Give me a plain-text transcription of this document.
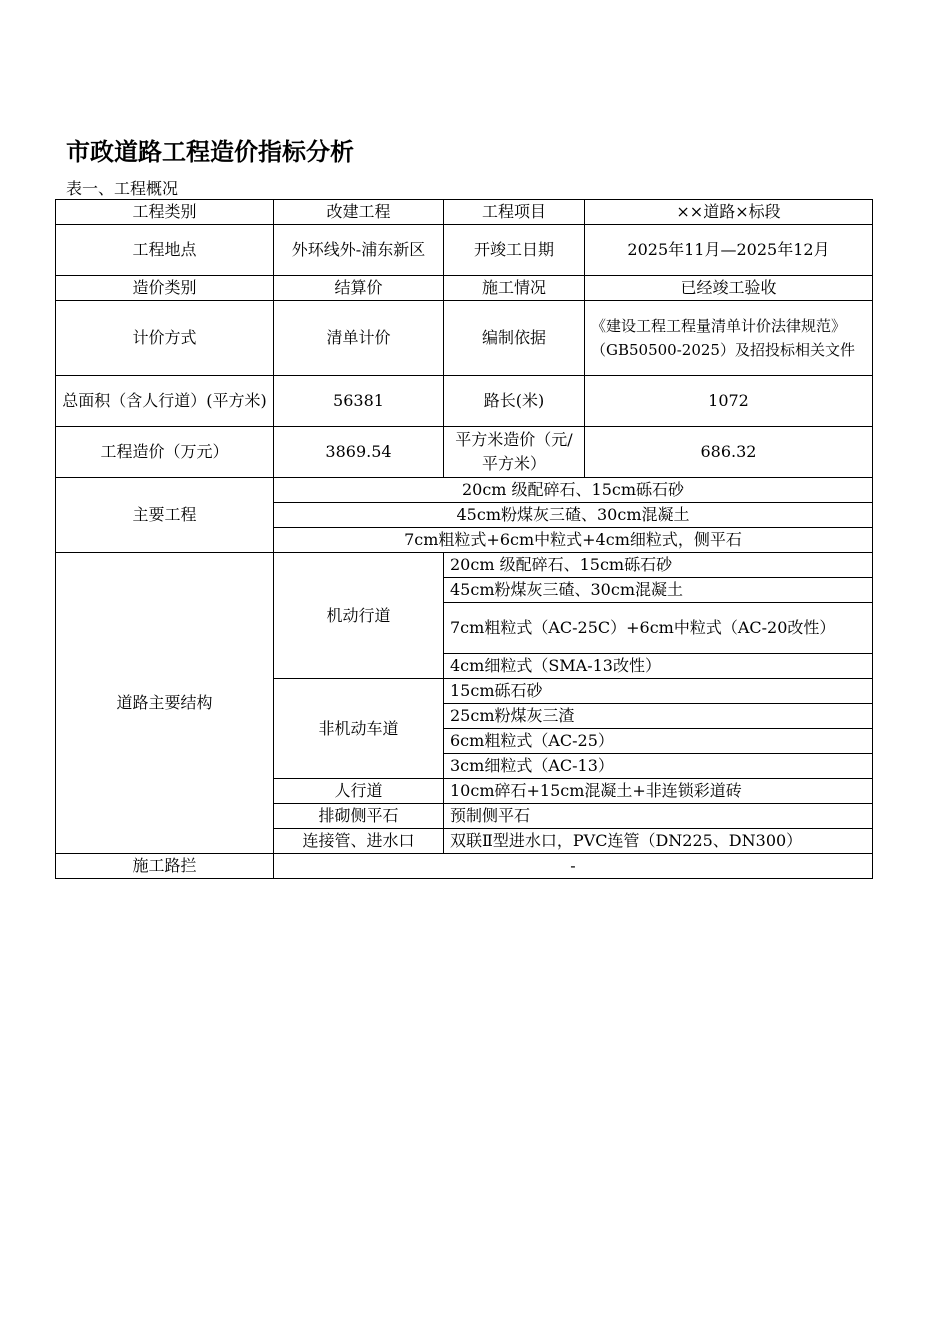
市政道路工程造价指标分析
表一、工程概况
工程类别	改建工程	工程项目	××道路×标段
工程地点	外环线外-浦东新区	开竣工日期	2025年11月—2025年12月
造价类别	结算价	施工情况	已经竣工验收
计价方式	清单计价	编制依据	《建设工程工程量清单计价法律规范》（GB50500-2025）及招投标相关文件
总面积（含人行道）(平方米)	56381	路长(米)	1072
工程造价（万元）	3869.54	平方米造价（元/平方米）	686.32
主要工程	20cm 级配碎石、15cm砾石砂		
	45cm粉煤灰三碴、30cm混凝土		
	7cm粗粒式+6cm中粒式+4cm细粒式，侧平石		
道路主要结构	机动行道	20cm 级配碎石、15cm砾石砂	
		45cm粉煤灰三碴、30cm混凝土	
		7cm粗粒式（AC-25C）+6cm中粒式（AC-20改性）	
		4cm细粒式（SMA-13改性）	
	非机动车道	15cm砾石砂	
		25cm粉煤灰三渣	
		6cm粗粒式（AC-25）	
		3cm细粒式（AC-13）	
	人行道	10cm碎石+15cm混凝土+非连锁彩道砖	
	排砌侧平石	预制侧平石	
	连接管、进水口	双联Ⅱ型进水口，PVC连管（DN225、DN300）	
施工路拦	-		
